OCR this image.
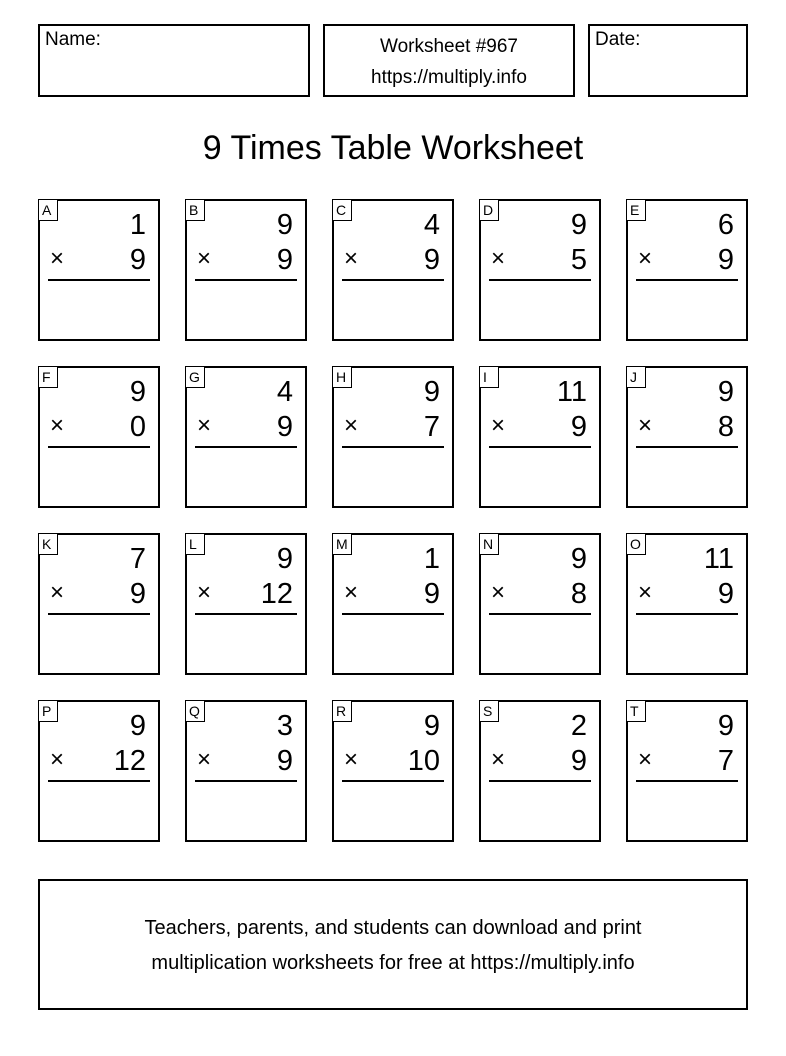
Name:	Worksheet #967
https://multiply.info
Date:
9 Times Table Worksheet
A	1
× 9
B	9
× 9
C	4
× 9
D	9
× 5
E	6
× 9
F	9
× 0
G	4
× 9
H	9
× 7
I	11
× 9
J	9
× 8
K	7
× 9
L	9
× 12
M	1
× 9
N	9
× 8
O 11
× 9
P	9
× 12
Q	3
× 9
R	9
× 10
S	2
× 9
T	9
× 7
Teachers, parents, and students can download and print
multiplication worksheets for free at https://multiply.info
